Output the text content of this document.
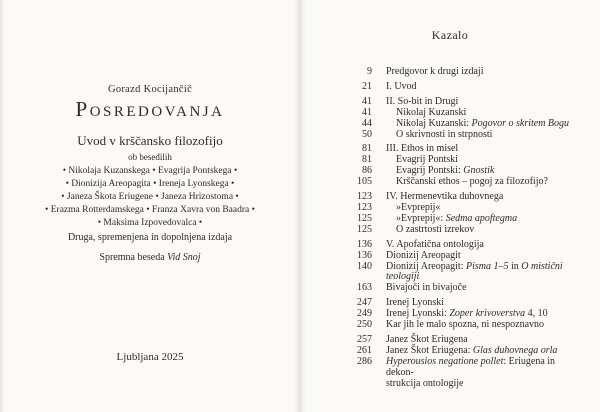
Gorazd Kocijančič
Posredovanja
Uvod v krščansko filozofijo
ob besedilih
• Nikolaja Kuzanskega • Evagrija Pontskega •
• Dionizija Areopagita • Ireneja Lyonskega •
• Janeza Škota Eriugene • Janeza Hrizostoma •
• Erazma Rotterdamskega • Franza Xavra von Baadra •
• Maksima Izpovedovalca •
Druga, spremenjena in dopolnjena izdaja
Spremna beseda Vid Snoj
Ljubljana 2025
Kazalo
9	Predgovor k drugi izdaji
21	I. Uvod
41	II. So-bit in Drugi
41	Nikolaj Kuzanski
44	Nikolaj Kuzanski: Pogovor o skritem Bogu
50	O skrivnosti in strpnosti
81	III. Ethos in misel
81	Evagrij Pontski
86	Evagrij Pontski: Gnostik
105	Krščanski ethos – pogoj za filozofijo?
123	IV. Hermenevtika duhovnega
123	»Evprepij«
125	»Evprepij«: Sedma apoftegma
125	O zastrtosti izrekov
136	V. Apofatična ontologija
136	Dionizij Areopagit
140	Dionizij Areopagit: Pisma 1–5 in O mistični teologiji
163	Bivajoči in bivajoče
247	Irenej Lyonski
249	Irenej Lyonski: Zoper krivoverstva 4, 10
250	Kar jih le malo spozna, ni nespoznavno
257	Janez Škot Eriugena
261	Janez Škot Eriugena: Glas duhovnega orla
286	Hyperousios negatione pollet: Eriugena in dekon-
strukcija ontologije
